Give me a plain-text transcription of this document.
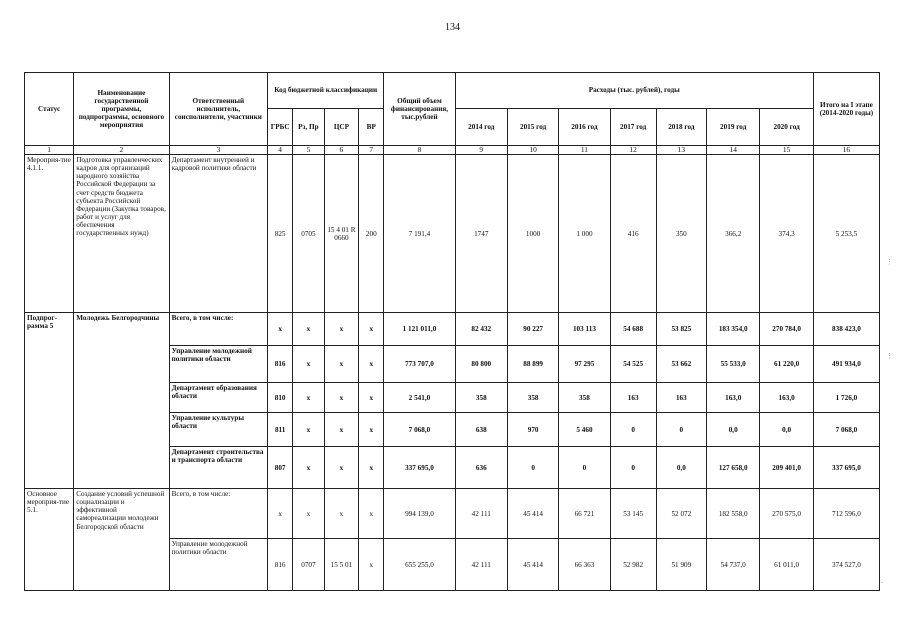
134
Статус	Наименование государственной программы, подпрограммы, основного мероприятия	Ответственный исполнитель, соисполнители, участники	Код бюджетной классификации				Общий объем финансирования, тыс.рублей	Расходы (тыс. рублей), годы							Итого на I этапе (2014-2020 годы)
			ГРБС	Рз, Пр	ЦСР	ВР		2014 год	2015 год	2016 год	2017 год	2018 год	2019 год	2020 год	
1	2	3	4	5	6	7	8	9	10	11	12	13	14	15	16
Мероприя-тие 4.1.1.	Подготовка управленческих кадров для организаций народного хозяйства Российской Федерации за счет средств бюджета субъекта Российской Федерации (Закупка товаров, работ и услуг для обеспечения государственных нужд)	Департамент внутренней и кадровой политики области	825	0705	15 4 01 R 0660	200	7 191,4	1747	1000	1 000	416	350	366,2	374,3	5 253,5
Подпрог-рамма 5	Молодежь Белгородчины	Всего, в том числе:	x	x	x	x	1 121 011,0	82 432	90 227	103 113	54 688	53 825	183 354,0	270 784,0	838 423,0
		Управление молодежной политики области	816	x	x	x	773 707,0	80 800	88 899	97 295	54 525	53 662	55 533,0	61 220,0	491 934,0
		Департамент образования области	810	x	x	x	2 541,0	358	358	358	163	163	163,0	163,0	1 726,0
		Управление культуры области	811	x	x	x	7 068,0	638	970	5 460	0	0	0,0	0,0	7 068,0
		Департамент строительства и транспорта области	807	x	x	x	337 695,0	636	0	0	0	0,0	127 658,0	209 401,0	337 695,0
Основное мероприя-тие 5.1.	Создание условий успешной социализации и эффективной самореализации молодежи Белгородской области	Всего, в том числе:	x	x	x	x	994 139,0	42 111	45 414	66 721	53 145	52 072	182 558,0	270 575,0	712 596,0
		Управление молодежной политики области	816	0707	15 5 01	x	655 255,0	42 111	45 414	66 363	52 982	51 909	54 737,0	61 011,0	374 527,0
⋮
⋮
-
